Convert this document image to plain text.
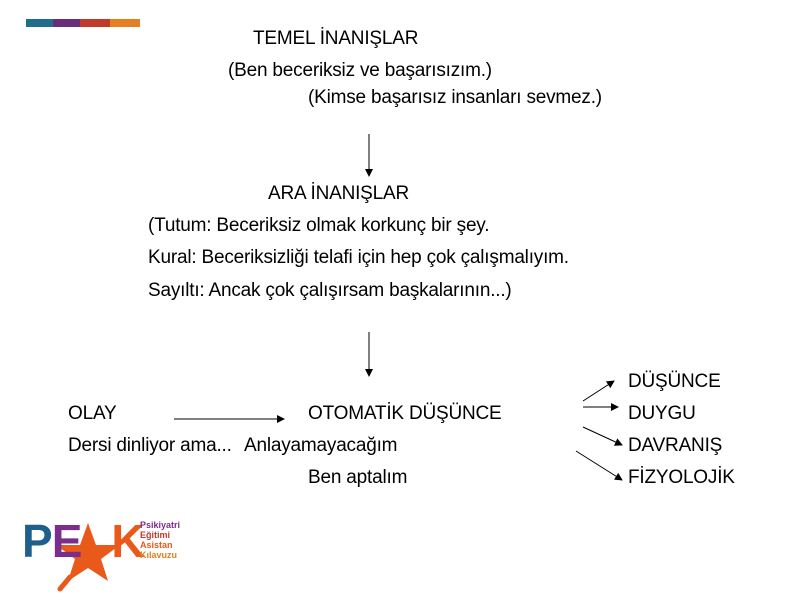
TEMEL İNANIŞLAR
(Ben beceriksiz ve başarısızım.)
(Kimse başarısız insanları sevmez.)
ARA İNANIŞLAR
(Tutum: Beceriksiz olmak korkunç bir şey.
Kural: Beceriksizliği telafi için hep çok çalışmalıyım.
Sayıltı: Ancak çok çalışırsam başkalarının...)
OLAY
Dersi dinliyor ama...
OTOMATİK DÜŞÜNCE
Anlayamayacağım
Ben aptalım
DÜŞÜNCE
DUYGU
DAVRANIŞ
FİZYOLOJİK
PE K
Psikiyatri
Eğitimi
Asistan
Kılavuzu
